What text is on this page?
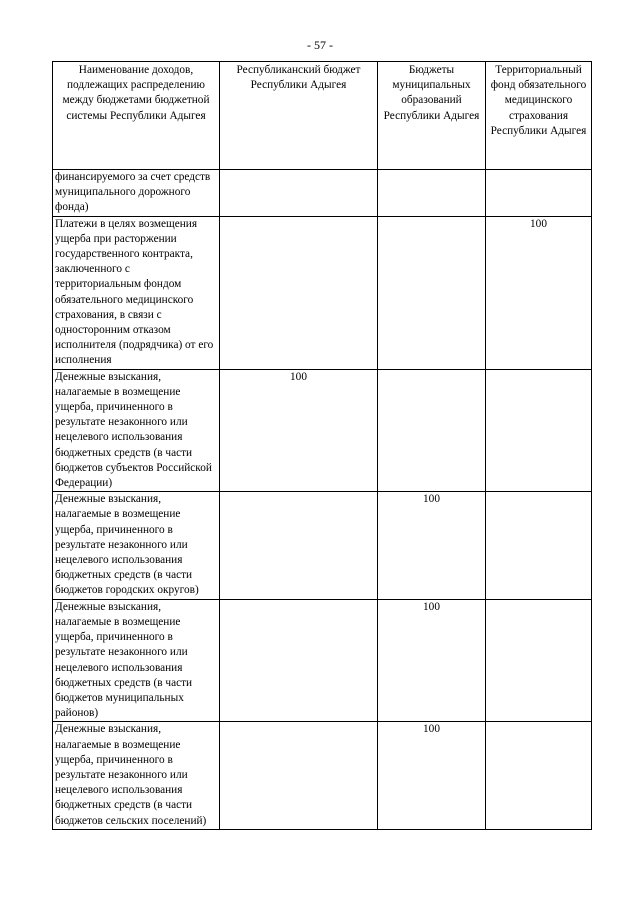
- 57 -
Наименование доходов, подлежащих распределению между бюджетами бюджетной системы Республики Адыгея	Республиканский бюджет Республики Адыгея	Бюджеты муниципальных образований Республики Адыгея	Территориальный фонд обязательного медицинского страхования Республики Адыгея
финансируемого за счет средств муниципального дорожного фонда)			
Платежи в целях возмещения ущерба при расторжении государственного контракта, заключенного с территориальным фондом обязательного медицинского страхования, в связи с односторонним отказом исполнителя (подрядчика) от его исполнения			100
Денежные взыскания, налагаемые в возмещение ущерба, причиненного в результате незаконного или нецелевого использования бюджетных средств (в части бюджетов субъектов Российской Федерации)	100		
Денежные взыскания, налагаемые в возмещение ущерба, причиненного в результате незаконного или нецелевого использования бюджетных средств (в части бюджетов городских округов)		100	
Денежные взыскания, налагаемые в возмещение ущерба, причиненного в результате незаконного или нецелевого использования бюджетных средств (в части бюджетов муниципальных районов)		100	
Денежные взыскания, налагаемые в возмещение ущерба, причиненного в результате незаконного или нецелевого использования бюджетных средств (в части бюджетов сельских поселений)		100	
